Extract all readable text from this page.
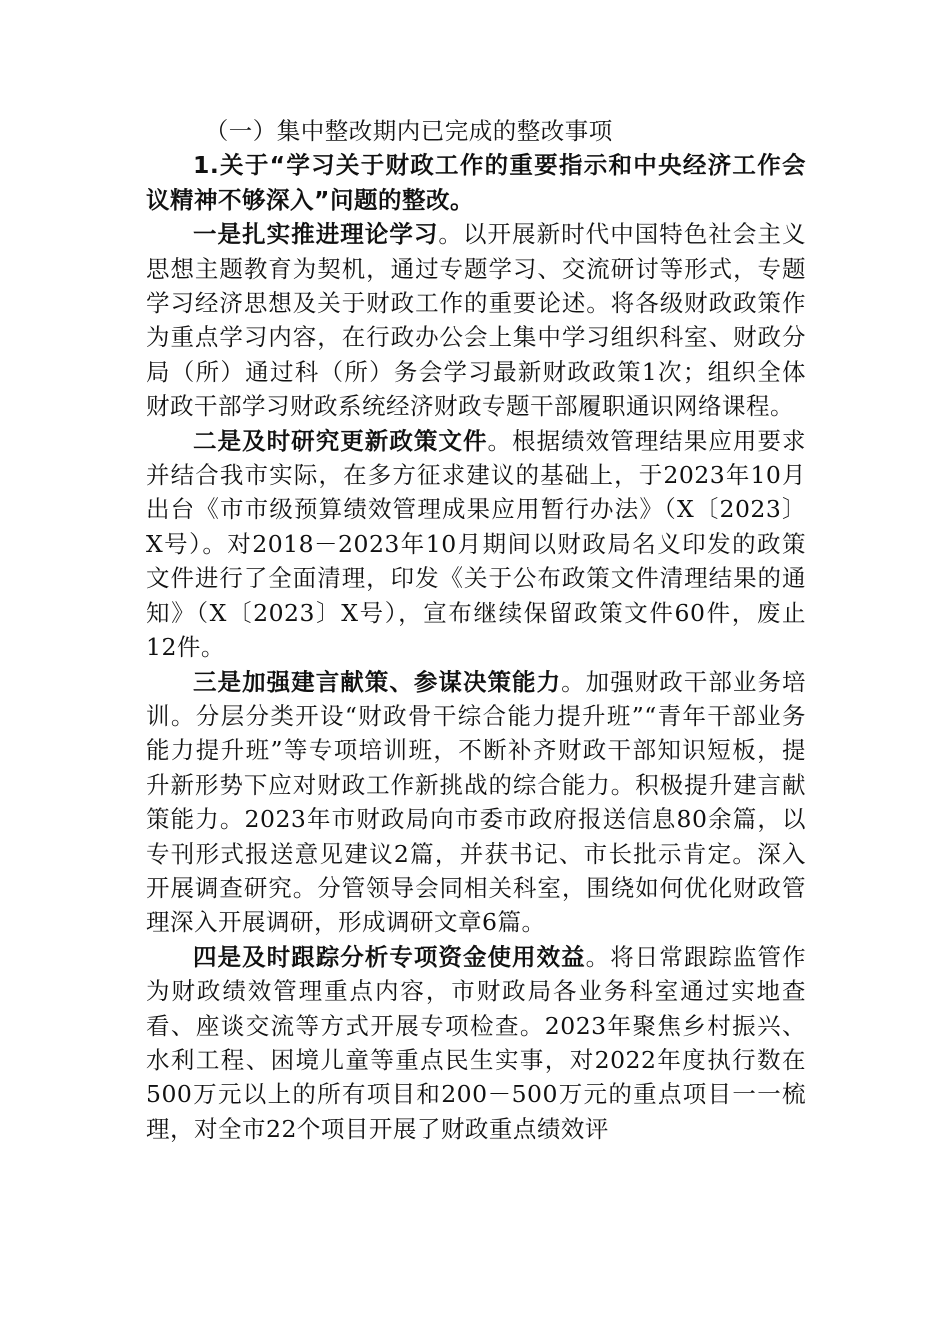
（一）集中整改期内已完成的整改事项

1.关于“学习关于财政工作的重要指示和中央经济工作会议精神不够深入”问题的整改。

一是扎实推进理论学习。以开展新时代中国特色社会主义思想主题教育为契机，通过专题学习、交流研讨等形式，专题学习经济思想及关于财政工作的重要论述。将各级财政政策作为重点学习内容，在行政办公会上集中学习组织科室、财政分局（所）通过科（所）务会学习最新财政政策1次；组织全体财政干部学习财政系统经济财政专题干部履职通识网络课程。

二是及时研究更新政策文件。根据绩效管理结果应用要求并结合我市实际，在多方征求建议的基础上，于2023年10月出台《市市级预算绩效管理成果应用暂行办法》（X〔2023〕X号）。对2018－2023年10月期间以财政局名义印发的政策文件进行了全面清理，印发《关于公布政策文件清理结果的通知》（X〔2023〕X号），宣布继续保留政策文件60件，废止12件。

三是加强建言献策、参谋决策能力。加强财政干部业务培训。分层分类开设“财政骨干综合能力提升班”“青年干部业务能力提升班”等专项培训班，不断补齐财政干部知识短板，提升新形势下应对财政工作新挑战的综合能力。积极提升建言献策能力。2023年市财政局向市委市政府报送信息80余篇，以专刊形式报送意见建议2篇，并获书记、市长批示肯定。深入开展调查研究。分管领导会同相关科室，围绕如何优化财政管理深入开展调研，形成调研文章6篇。

四是及时跟踪分析专项资金使用效益。将日常跟踪监管作为财政绩效管理重点内容，市财政局各业务科室通过实地查看、座谈交流等方式开展专项检查。2023年聚焦乡村振兴、水利工程、困境儿童等重点民生实事，对2022年度执行数在500万元以上的所有项目和200－500万元的重点项目一一梳理，对全市22个项目开展了财政重点绩效评
